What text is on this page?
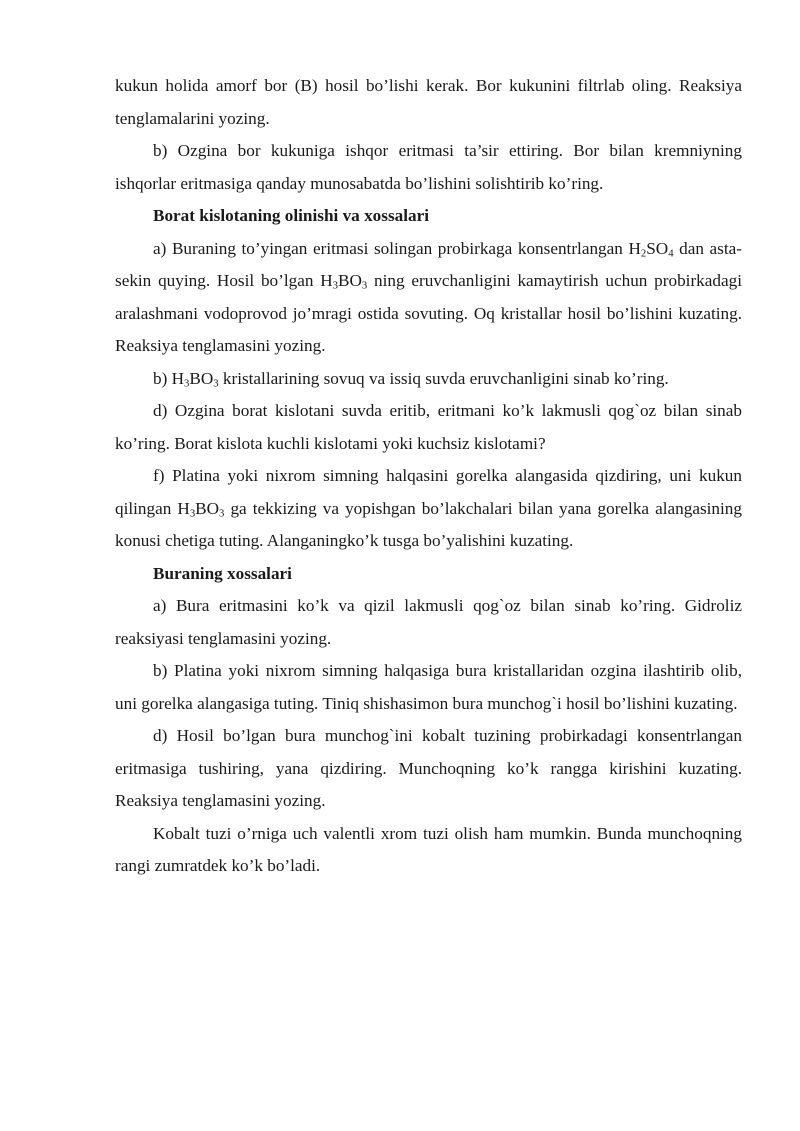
kukun holida amorf bor (B) hosil bo’lishi kerak. Bor kukunini filtrlab oling. Reaksiya tenglamalarini yozing.

b) Ozgina bor kukuniga ishqor eritmasi ta’sir ettiring. Bor bilan kremniyning ishqorlar eritmasiga qanday munosabatda bo’lishini solishtirib ko’ring.

Borat kislotaning olinishi va xossalari

a) Buraning to’yingan eritmasi solingan probirkaga konsentrlangan $H_2SO_4$ dan asta-sekin quying. Hosil bo’lgan $H_3BO_3$ ning eruvchanligini kamaytirish uchun probirkadagi aralashmani vodoprovod jo’mragi ostida sovuting. Oq kristallar hosil bo’lishini kuzating. Reaksiya tenglamasini yozing.

b) $H_3BO_3$ kristallarining sovuq va issiq suvda eruvchanligini sinab ko’ring.

d) Ozgina borat kislotani suvda eritib, eritmani ko’k lakmusli qog`oz bilan sinab ko’ring. Borat kislota kuchli kislotami yoki kuchsiz kislotami?

f) Platina yoki nixrom simning halqasini gorelka alangasida qizdiring, uni kukun qilingan $H_3BO_3$ ga tekkizing va yopishgan bo’lakchalari bilan yana gorelka alangasining konusi chetiga tuting. Alanganingko’k tusga bo’yalishini kuzating.

Buraning xossalari

a) Bura eritmasini ko’k va qizil lakmusli qog`oz bilan sinab ko’ring. Gidroliz reaksiyasi tenglamasini yozing.

b) Platina yoki nixrom simning halqasiga bura kristallaridan ozgina ilashtirib olib, uni gorelka alangasiga tuting. Tiniq shishasimon bura munchog`i hosil bo’lishini kuzating.

d) Hosil bo’lgan bura munchog`ini kobalt tuzining probirkadagi konsentrlangan eritmasiga tushiring, yana qizdiring. Munchoqning ko’k rangga kirishini kuzating. Reaksiya tenglamasini yozing.

Kobalt tuzi o’rniga uch valentli xrom tuzi olish ham mumkin. Bunda munchoqning rangi zumratdek ko’k bo’ladi.
